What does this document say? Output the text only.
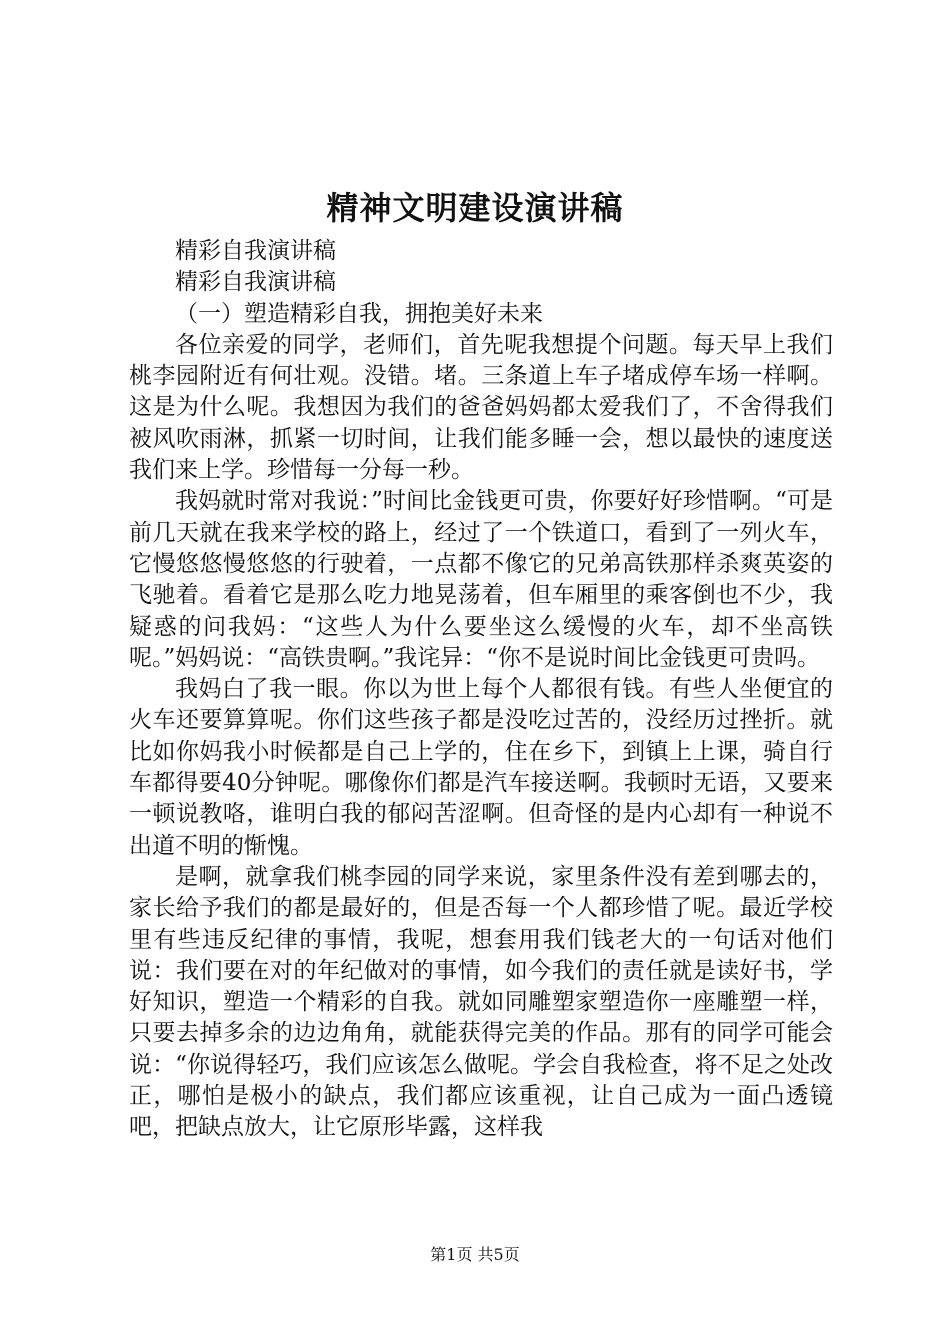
精神文明建设演讲稿

精彩自我演讲稿

精彩自我演讲稿

（一）塑造精彩自我，拥抱美好未来

各位亲爱的同学，老师们，首先呢我想提个问题。每天早上我们桃李园附近有何壮观。没错。堵。三条道上车子堵成停车场一样啊。这是为什么呢。我想因为我们的爸爸妈妈都太爱我们了，不舍得我们被风吹雨淋，抓紧一切时间，让我们能多睡一会，想以最快的速度送我们来上学。珍惜每一分每一秒。

我妈就时常对我说：”时间比金钱更可贵，你要好好珍惜啊。“可是前几天就在我来学校的路上，经过了一个铁道口，看到了一列火车，它慢悠悠慢悠悠的行驶着，一点都不像它的兄弟高铁那样杀爽英姿的飞驰着。看着它是那么吃力地晃荡着，但车厢里的乘客倒也不少，我疑惑的问我妈：“这些人为什么要坐这么缓慢的火车，却不坐高铁呢。”妈妈说：“高铁贵啊。”我诧异：“你不是说时间比金钱更可贵吗。

我妈白了我一眼。你以为世上每个人都很有钱。有些人坐便宜的火车还要算算呢。你们这些孩子都是没吃过苦的，没经历过挫折。就比如你妈我小时候都是自己上学的，住在乡下，到镇上上课，骑自行车都得要40分钟呢。哪像你们都是汽车接送啊。我顿时无语，又要来一顿说教咯，谁明白我的郁闷苦涩啊。但奇怪的是内心却有一种说不出道不明的惭愧。

是啊，就拿我们桃李园的同学来说，家里条件没有差到哪去的，家长给予我们的都是最好的，但是否每一个人都珍惜了呢。最近学校里有些违反纪律的事情，我呢，想套用我们钱老大的一句话对他们说：我们要在对的年纪做对的事情，如今我们的责任就是读好书，学好知识，塑造一个精彩的自我。就如同雕塑家塑造你一座雕塑一样，只要去掉多余的边边角角，就能获得完美的作品。那有的同学可能会说：“你说得轻巧，我们应该怎么做呢。学会自我检查，将不足之处改正，哪怕是极小的缺点，我们都应该重视，让自己成为一面凸透镜吧，把缺点放大，让它原形毕露，这样我

第1页 共5页
